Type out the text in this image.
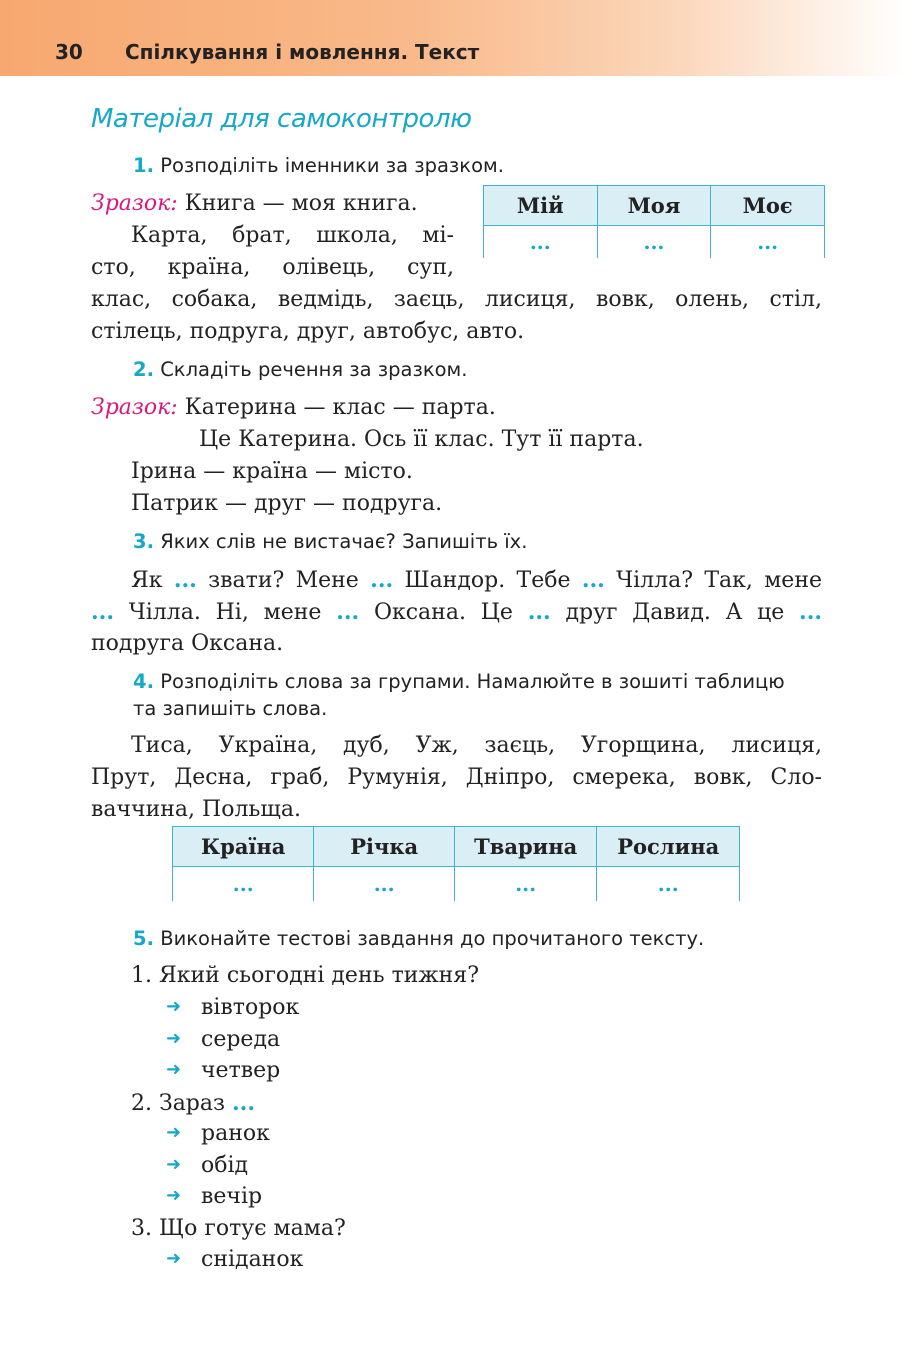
30 Спілкування і мовлення. Текст
Матеріал для самоконтролю
1. Розподіліть іменники за зразком.
Зразок: Книга — моя книга.
Карта, брат, школа, мі-
сто, країна, олівець, суп,
клас, собака, ведмідь, заєць, лисиця, вовк, олень, стіл,
стілець, подруга, друг, автобус, авто.
Мій	Моя	Моє
...	...	...
2. Складіть речення за зразком.
Зразок: Катерина — клас — парта.
Це Катерина. Ось її клас. Тут її парта.
Ірина — країна — місто.
Патрик — друг — подруга.
3. Яких слів не вистачає? Запишіть їх.
Як ... звати? Мене ... Шандор. Тебе ... Чілла? Так, мене
... Чілла. Ні, мене ... Оксана. Це ... друг Давид. А це ...
подруга Оксана.
4. Розподіліть слова за групами. Намалюйте в зошиті таблицю
та запишіть слова.
Тиса, Україна, дуб, Уж, заєць, Угорщина, лисиця,
Прут, Десна, граб, Румунія, Дніпро, смерека, вовк, Сло-
ваччина, Польща.
Країна	Річка	Тварина	Рослина
...	...	...	...
5. Виконайте тестові завдання до прочитаного тексту.
1. Який сьогодні день тижня?
➜ вівторок
➜ середа
➜ четвер
2. Зараз ...
➜ ранок
➜ обід
➜ вечір
3. Що готує мама?
➜ сніданок
